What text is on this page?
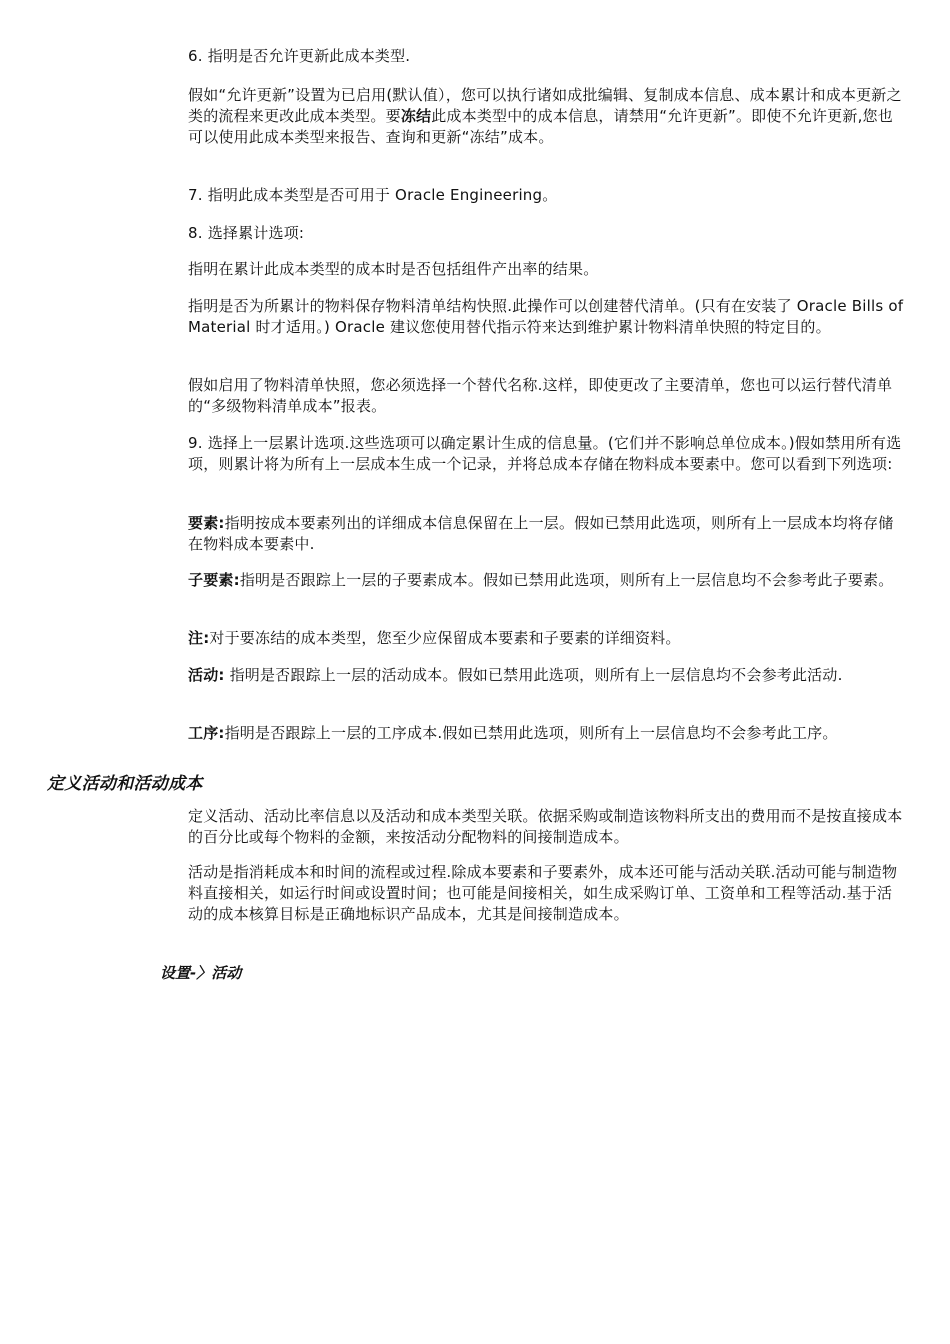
6. 指明是否允许更新此成本类型.
假如“允许更新”设置为已启用(默认值），您可以执行诸如成批编辑、复制成本信息、成本累计和成本更新之类的流程来更改此成本类型。要冻结此成本类型中的成本信息，请禁用“允许更新”。即使不允许更新,您也可以使用此成本类型来报告、查询和更新“冻结”成本。
7. 指明此成本类型是否可用于 Oracle Engineering。
8. 选择累计选项:
指明在累计此成本类型的成本时是否包括组件产出率的结果。
指明是否为所累计的物料保存物料清单结构快照.此操作可以创建替代清单。(只有在安装了 Oracle Bills of Material 时才适用。) Oracle 建议您使用替代指示符来达到维护累计物料清单快照的特定目的。
假如启用了物料清单快照，您必须选择一个替代名称.这样，即使更改了主要清单，您也可以运行替代清单的“多级物料清单成本”报表。
9. 选择上一层累计选项.这些选项可以确定累计生成的信息量。(它们并不影响总单位成本。)假如禁用所有选项，则累计将为所有上一层成本生成一个记录，并将总成本存储在物料成本要素中。您可以看到下列选项:
要素:指明按成本要素列出的详细成本信息保留在上一层。假如已禁用此选项，则所有上一层成本均将存储在物料成本要素中.
子要素:指明是否跟踪上一层的子要素成本。假如已禁用此选项，则所有上一层信息均不会参考此子要素。
注:对于要冻结的成本类型，您至少应保留成本要素和子要素的详细资料。
活动: 指明是否跟踪上一层的活动成本。假如已禁用此选项，则所有上一层信息均不会参考此活动.
工序:指明是否跟踪上一层的工序成本.假如已禁用此选项，则所有上一层信息均不会参考此工序。
定义活动和活动成本
定义活动、活动比率信息以及活动和成本类型关联。依据采购或制造该物料所支出的费用而不是按直接成本的百分比或每个物料的金额，来按活动分配物料的间接制造成本。
活动是指消耗成本和时间的流程或过程.除成本要素和子要素外，成本还可能与活动关联.活动可能与制造物料直接相关，如运行时间或设置时间；也可能是间接相关，如生成采购订单、工资单和工程等活动.基于活动的成本核算目标是正确地标识产品成本，尤其是间接制造成本。
设置-〉活动
